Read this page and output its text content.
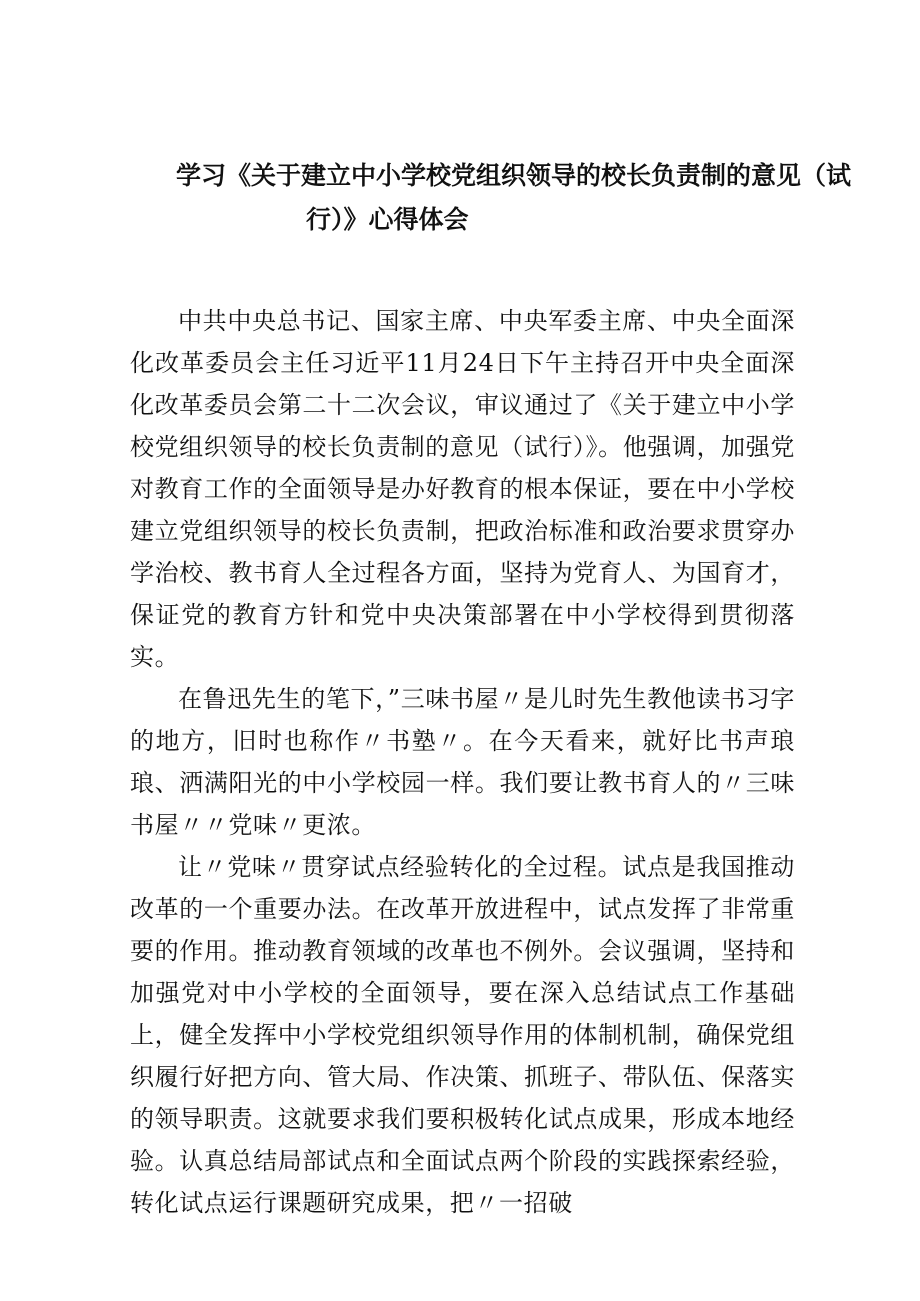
学习《关于建立中小学校党组织领导的校长负责制的意见（试
行）》心得体会

中共中央总书记、国家主席、中央军委主席、中央全面深化改革委员会主任习近平11月24日下午主持召开中央全面深化改革委员会第二十二次会议，审议通过了《关于建立中小学校党组织领导的校长负责制的意见（试行）》。他强调，加强党对教育工作的全面领导是办好教育的根本保证，要在中小学校建立党组织领导的校长负责制，把政治标准和政治要求贯穿办学治校、教书育人全过程各方面，坚持为党育人、为国育才，保证党的教育方针和党中央决策部署在中小学校得到贯彻落实。

在鲁迅先生的笔下，”三味书屋〃是儿时先生教他读书习字的地方，旧时也称作〃书塾〃。在今天看来，就好比书声琅琅、洒满阳光的中小学校园一样。我们要让教书育人的〃三味书屋〃〃党味〃更浓。

让〃党味〃贯穿试点经验转化的全过程。试点是我国推动改革的一个重要办法。在改革开放进程中，试点发挥了非常重要的作用。推动教育领域的改革也不例外。会议强调，坚持和加强党对中小学校的全面领导，要在深入总结试点工作基础上，健全发挥中小学校党组织领导作用的体制机制，确保党组织履行好把方向、管大局、作决策、抓班子、带队伍、保落实的领导职责。这就要求我们要积极转化试点成果，形成本地经验。认真总结局部试点和全面试点两个阶段的实践探索经验，转化试点运行课题研究成果，把〃一招破
